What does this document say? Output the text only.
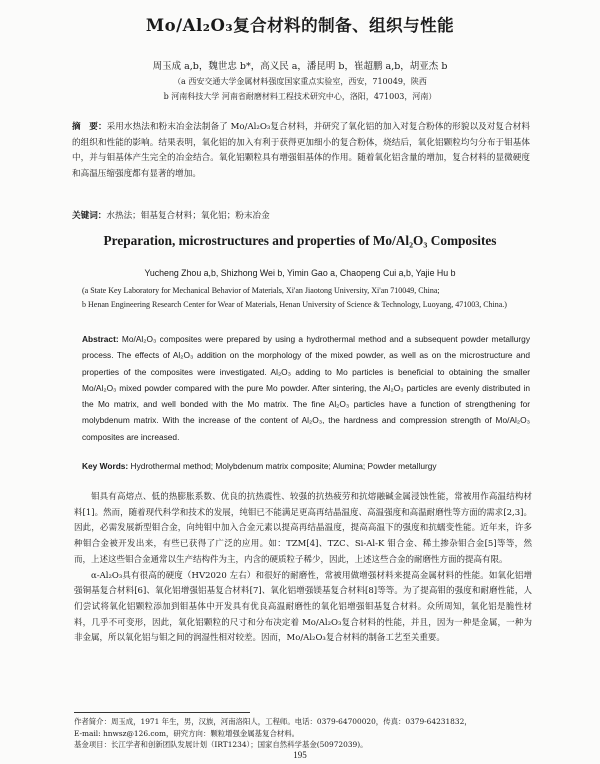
Mo/Al₂O₃复合材料的制备、组织与性能
周玉成 a,b，魏世忠 b*，高义民 a，潘昆明 b，崔超鹏 a,b，胡亚杰 b
（a 西安交通大学金属材料强度国家重点实验室，西安，710049，陕西
b 河南科技大学 河南省耐磨材料工程技术研究中心，洛阳，471003，河南）
摘　要：采用水热法和粉末冶金法制备了 Mo/Al₂O₃复合材料，并研究了氧化铝的加入对复合粉体的形貌以及对复合材料的组织和性能的影响。结果表明，氧化铝的加入有利于获得更加细小的复合粉体，烧结后，氧化铝颗粒均匀分布于钼基体中，并与钼基体产生完全的冶金结合。氧化铝颗粒具有增强钼基体的作用。随着氧化铝含量的增加，复合材料的显微硬度和高温压缩强度都有显著的增加。
关键词：水热法；钼基复合材料；氧化铝；粉末冶金
Preparation, microstructures and properties of Mo/Al₂O₃ Composites
Yucheng Zhou a,b, Shizhong Wei b, Yimin Gao a, Chaopeng Cui a,b, Yajie Hu b
(a State Key Laboratory for Mechanical Behavior of Materials, Xi'an Jiaotong University, Xi'an 710049, China;
b Henan Engineering Research Center for Wear of Materials, Henan University of Science & Technology, Luoyang, 471003, China.)
Abstract: Mo/Al₂O₃ composites were prepared by using a hydrothermal method and a subsequent powder metallurgy process. The effects of Al₂O₃ addition on the morphology of the mixed powder, as well as on the microstructure and properties of the composites were investigated. Al₂O₃ adding to Mo particles is beneficial to obtaining the smaller Mo/Al₂O₃ mixed powder compared with the pure Mo powder. After sintering, the Al₂O₃ particles are evenly distributed in the Mo matrix, and well bonded with the Mo matrix. The fine Al₂O₃ particles have a function of strengthening for molybdenum matrix. With the increase of the content of Al₂O₃, the hardness and compression strength of Mo/Al₂O₃ composites are increased.
Key Words: Hydrothermal method; Molybdenum matrix composite; Alumina; Powder metallurgy

钼具有高熔点、低的热膨胀系数、优良的抗热震性、较强的抗热疲劳和抗熔融碱金属浸蚀性能，常被用作高温结构材料[1]。然而，随着现代科学和技术的发展，纯钼已不能满足更高再结晶温度、高温强度和高温耐磨性等方面的需求[2,3]。因此，必需发展新型钼合金，向纯钼中加入合金元素以提高再结晶温度，提高高温下的强度和抗蠕变性能。近年来，许多种钼合金被开发出来，有些已获得了广泛的应用。如：TZM[4]、TZC、Si-Al-K 钼合金、稀土掺杂钼合金[5]等等，然而，上述这些钼合金通常以生产结构件为主，内含的硬质粒子稀少，因此，上述这些合金的耐磨性方面的提高有限。

α-Al₂O₃具有很高的硬度（HV2020 左右）和很好的耐磨性，常被用做增强材料来提高金属材料的性能。如氧化铝增强铜基复合材料[6]、氧化铝增强铝基复合材料[7]、氧化铝增强镁基复合材料[8]等等。为了提高钼的强度和耐磨性能，人们尝试将氧化铝颗粒添加到钼基体中开发具有优良高温耐磨性的氧化铝增强钼基复合材料。众所周知，氧化铝是脆性材料，几乎不可变形，因此，氧化铝颗粒的尺寸和分布决定着 Mo/Al₂O₃复合材料的性能，并且，因为一种是金属，一种为非金属，所以氧化铝与钼之间的润湿性相对较差。因而，Mo/Al₂O₃复合材料的制备工艺至关重要。

作者简介：周玉成，1971 年生，男，汉族，河南洛阳人，工程师。电话：0379-64700020，传真：0379-64231832，
E-mail: hnwsz@126.com，研究方向：颗粒增强金属基复合材料。
基金项目：长江学者和创新团队发展计划（IRT1234）；国家自然科学基金(50972039)。
195
